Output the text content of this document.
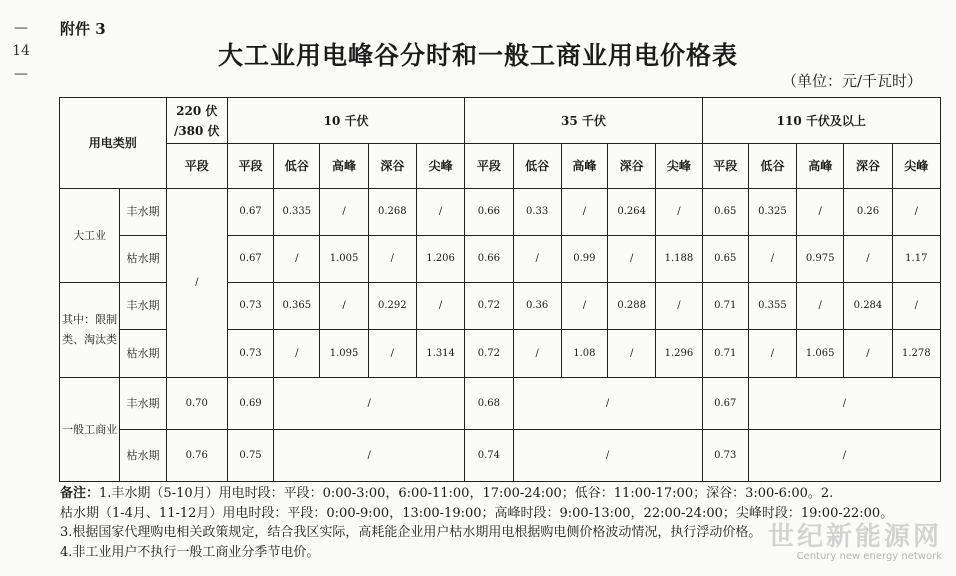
—
14
—
附件 3
大工业用电峰谷分时和一般工商业用电价格表
（单位：元/千瓦时）
用电类别		220 伏 /380 伏	10 千伏					35 千伏					110 千伏及以上				
		平段	平段	低谷	高峰	深谷	尖峰	平段	低谷	高峰	深谷	尖峰	平段	低谷	高峰	深谷	尖峰
大工业	丰水期	/	0.67	0.335	/	0.268	/	0.66	0.33	/	0.264	/	0.65	0.325	/	0.26	/
	枯水期		0.67	/	1.005	/	1.206	0.66	/	0.99	/	1.188	0.65	/	0.975	/	1.17
其中：限制类、淘汰类	丰水期		0.73	0.365	/	0.292	/	0.72	0.36	/	0.288	/	0.71	0.355	/	0.284	/
	枯水期		0.73	/	1.095	/	1.314	0.72	/	1.08	/	1.296	0.71	/	1.065	/	1.278
一般工商业	丰水期	0.70	0.69	/				0.68	/				0.67	/			
	枯水期	0.76	0.75	/				0.74	/				0.73	/			

备注：1.丰水期（5-10月）用电时段：平段：0:00-3:00，6:00-11:00，17:00-24:00；低谷：11:00-17:00；深谷：3:00-6:00。2.

枯水期（1-4月、11-12月）用电时段：平段：0:00-9:00，13:00-19:00；高峰时段：9:00-13:00，22:00-24:00；尖峰时段：19:00-22:00。

3.根据国家代理购电相关政策规定，结合我区实际，高耗能企业用户枯水期用电根据购电侧价格波动情况，执行浮动价格。

4.非工业用户不执行一般工商业分季节电价。	世纪新能源网
Century new energy network
